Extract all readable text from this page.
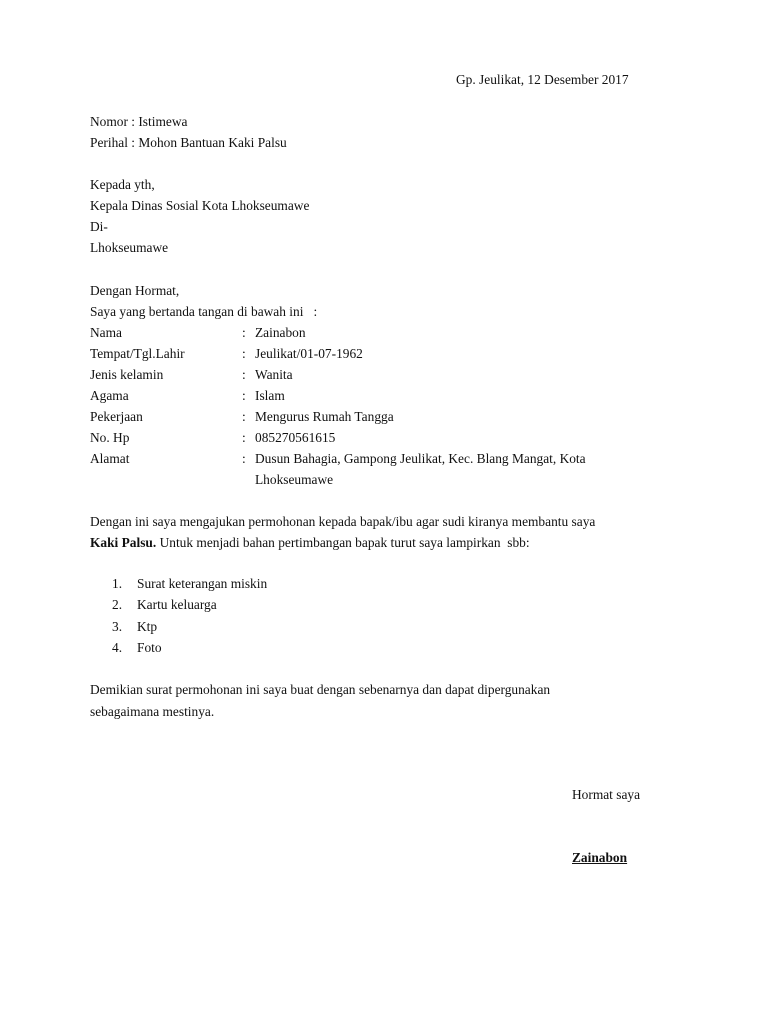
Gp. Jeulikat, 12 Desember 2017
Nomor : Istimewa
Perihal : Mohon Bantuan Kaki Palsu
Kepada yth,
Kepala Dinas Sosial Kota Lhokseumawe
Di-
Lhokseumawe
Dengan Hormat,
Saya yang bertanda tangan di bawah ini   :
Nama	: Zainabon
Tempat/Tgl.Lahir	: Jeulikat/01-07-1962
Jenis kelamin	: Wanita
Agama	: Islam
Pekerjaan	: Mengurus Rumah Tangga
No. Hp	: 085270561615
Alamat	: Dusun Bahagia, Gampong Jeulikat, Kec. Blang Mangat, Kota
Lhokseumawe
Dengan ini saya mengajukan permohonan kepada bapak/ibu agar sudi kiranya membantu saya
Kaki Palsu. Untuk menjadi bahan pertimbangan bapak turut saya lampirkan  sbb:
1. Surat keterangan miskin
2. Kartu keluarga
3. Ktp
4. Foto
Demikian surat permohonan ini saya buat dengan sebenarnya dan dapat dipergunakan
sebagaimana mestinya.
Hormat saya
Zainabon
